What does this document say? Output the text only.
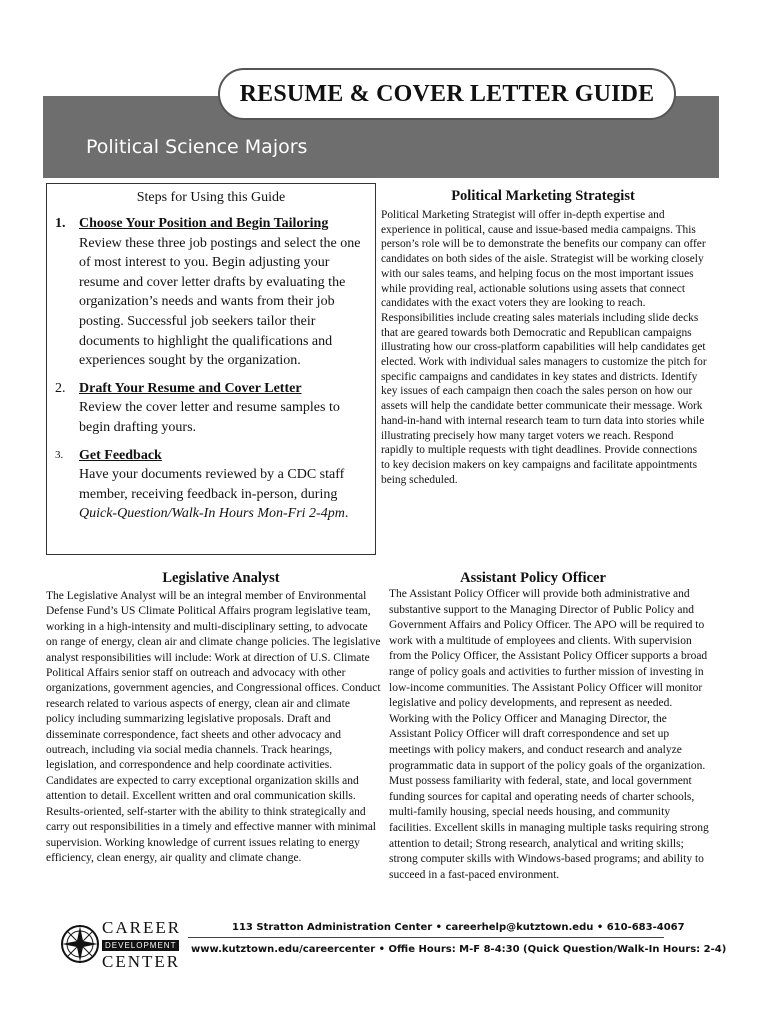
RESUME & COVER LETTER GUIDE
Political Science Majors
Steps for Using this Guide
1. Choose Your Position and Begin Tailoring
Review these three job postings and select the one of most interest to you. Begin adjusting your resume and cover letter drafts by evaluating the organization’s needs and wants from their job posting. Successful job seekers tailor their documents to highlight the qualifications and experiences sought by the organization.
2. Draft Your Resume and Cover Letter
Review the cover letter and resume samples to begin drafting yours.
3.	Get Feedback
Have your documents reviewed by a CDC staff member, receiving feedback in-person, during Quick-Question/Walk-In Hours Mon-Fri 2-4pm.
Political Marketing Strategist
Political Marketing Strategist will offer in-depth expertise and experience in political, cause and issue-based media campaigns. This person’s role will be to demonstrate the benefits our company can offer candidates on both sides of the aisle. Strategist will be working closely with our sales teams, and helping focus on the most important issues while providing real, actionable solutions using assets that connect candidates with the exact voters they are looking to reach. Responsibilities include creating sales materials including slide decks that are geared towards both Democratic and Republican campaigns illustrating how our cross-platform capabilities will help candidates get elected. Work with individual sales managers to customize the pitch for specific campaigns and candidates in key states and districts. Identify key issues of each campaign then coach the sales person on how our assets will help the candidate better communicate their message. Work hand-in-hand with internal research team to turn data into stories while illustrating precisely how many target voters we reach. Respond rapidly to multiple requests with tight deadlines. Provide connections to key decision makers on key campaigns and facilitate appointments being scheduled.
Legislative Analyst
The Legislative Analyst will be an integral member of Environmental Defense Fund’s US Climate Political Affairs program legislative team, working in a high-intensity and multi-disciplinary setting, to advocate on range of energy, clean air and climate change policies. The legislative analyst responsibilities will include: Work at direction of U.S. Climate Political Affairs senior staff on outreach and advocacy with other organizations, government agencies, and Congressional offices. Conduct research related to various aspects of energy, clean air and climate policy including summarizing legislative proposals. Draft and disseminate correspondence, fact sheets and other advocacy and outreach, including via social media channels. Track hearings, legislation, and correspondence and help coordinate activities. Candidates are expected to carry exceptional organization skills and attention to detail. Excellent written and oral communication skills. Results-oriented, self-starter with the ability to think strategically and carry out responsibilities in a timely and effective manner with minimal supervision. Working knowledge of current issues relating to energy efficiency, clean energy, air quality and climate change.
Assistant Policy Officer
The Assistant Policy Officer will provide both administrative and substantive support to the Managing Director of Public Policy and Government Affairs and Policy Officer. The APO will be required to work with a multitude of employees and clients. With supervision from the Policy Officer, the Assistant Policy Officer supports a broad range of policy goals and activities to further mission of investing in low-income communities. The Assistant Policy Officer will monitor legislative and policy developments, and represent as needed. Working with the Policy Officer and Managing Director, the Assistant Policy Officer will draft correspondence and set up meetings with policy makers, and conduct research and analyze programmatic data in support of the policy goals of the organization. Must possess familiarity with federal, state, and local government funding sources for capital and operating needs of charter schools, multi-family housing, special needs housing, and community facilities. Excellent skills in managing multiple tasks requiring strong attention to detail; Strong research, analytical and writing skills; strong computer skills with Windows-based programs; and ability to succeed in a fast-paced environment.
CAREER
DEVELOPMENT
CENTER
113 Stratton Administration Center • careerhelp@kutztown.edu • 610-683-4067
www.kutztown.edu/careercenter • Offie Hours: M-F 8-4:30 (Quick Question/Walk-In Hours: 2-4)
